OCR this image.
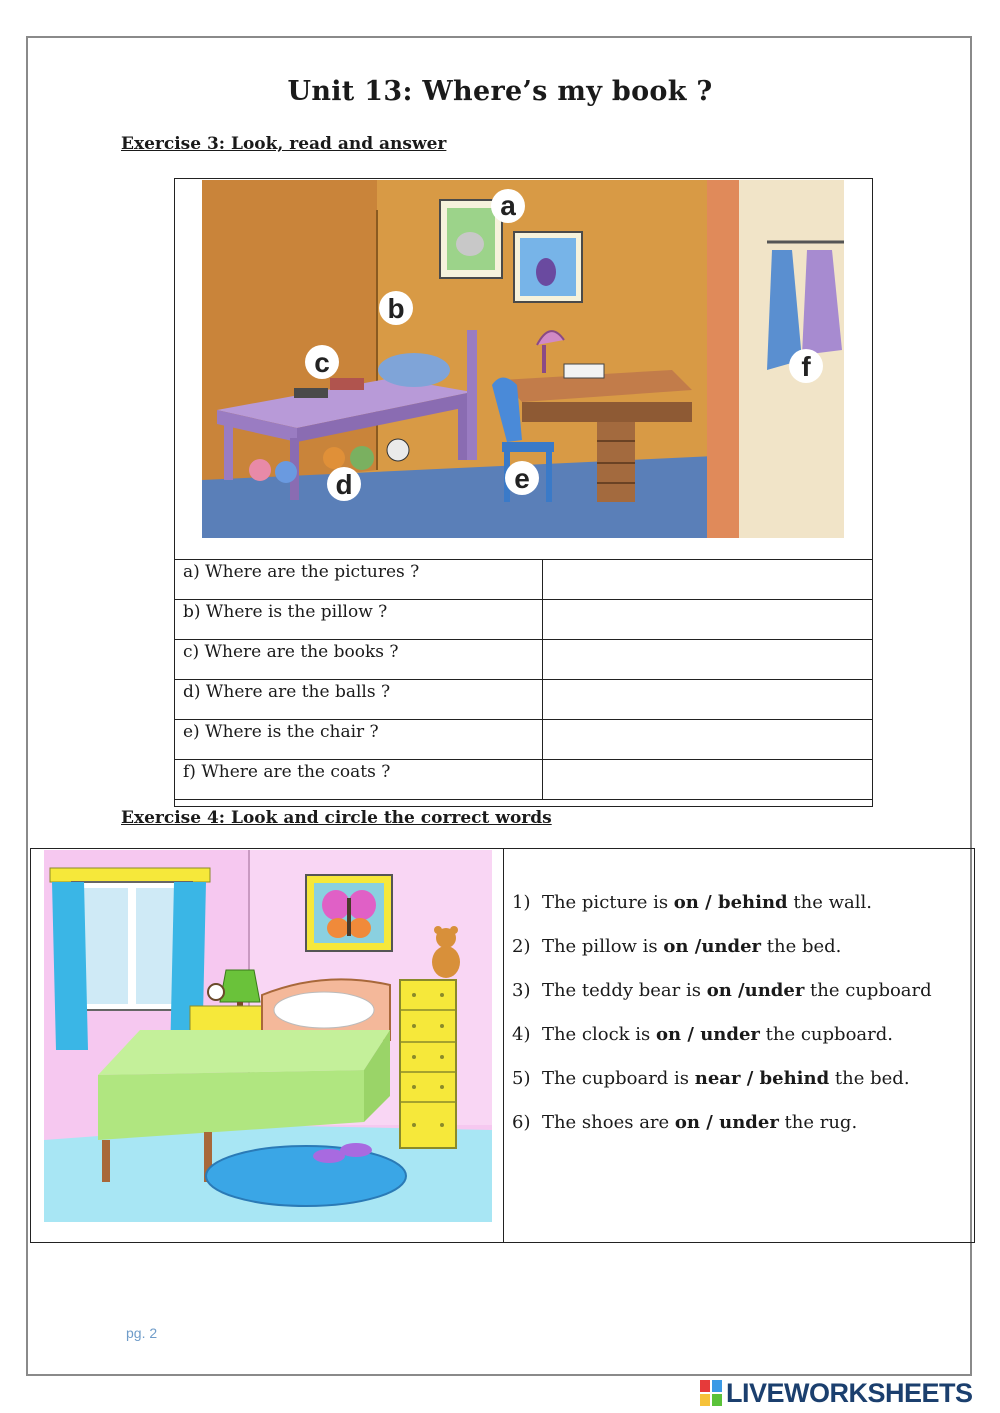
Unit 13: Where’s my book ?
Exercise 3: Look, read and answer
a
b
c
d	e
f
a) Where are the pictures ?	
b) Where is the pillow ?	
c) Where are the books ?	
d) Where are the balls ?	
e) Where is the chair ?	
f) Where are the coats ?	
Exercise 4: Look and circle the correct words
1) The picture is on / behind the wall.
2) The pillow is on /under the bed.
3) The teddy bear is on /under the cupboard
4) The clock is on / under the cupboard.
5) The cupboard is near / behind the bed.
6) The shoes are on / under the rug.
pg. 2
LIVEWORKSHEETS
